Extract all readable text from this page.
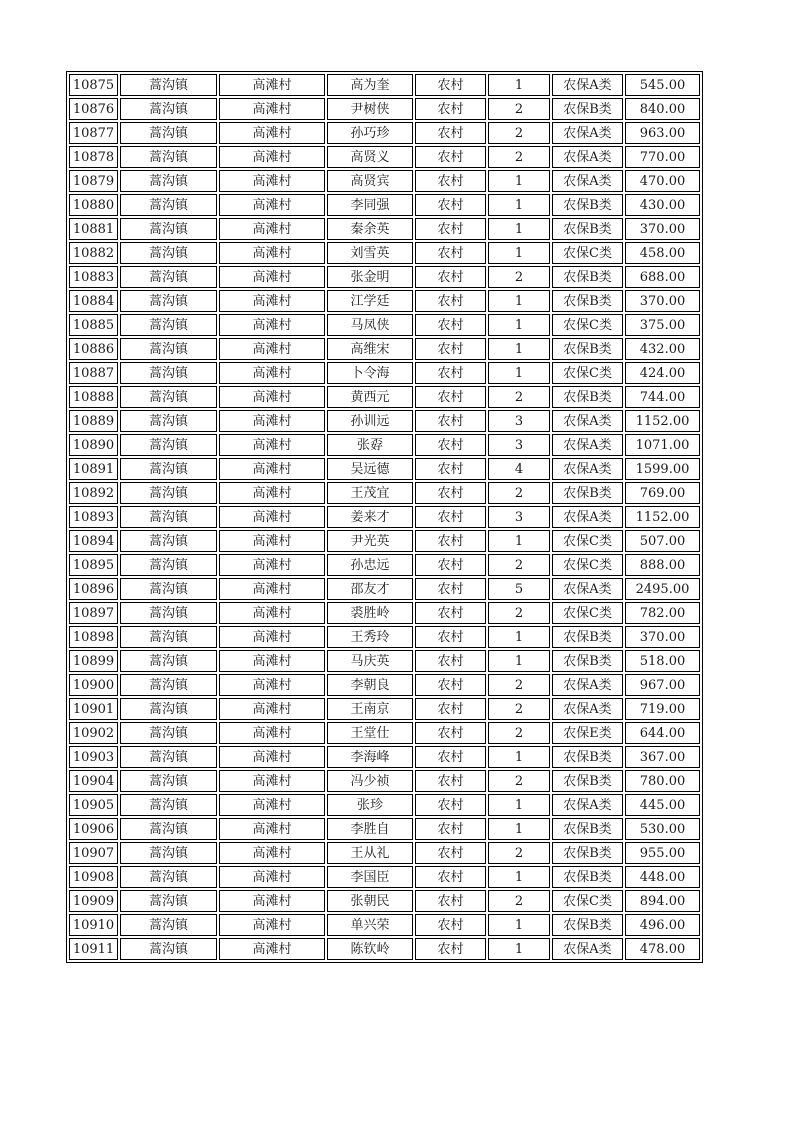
10875	蒿沟镇	高滩村	高为奎	农村	1	农保A类	545.00
10876	蒿沟镇	高滩村	尹树侠	农村	2	农保B类	840.00
10877	蒿沟镇	高滩村	孙巧珍	农村	2	农保A类	963.00
10878	蒿沟镇	高滩村	高贤义	农村	2	农保A类	770.00
10879	蒿沟镇	高滩村	高贤宾	农村	1	农保A类	470.00
10880	蒿沟镇	高滩村	李同强	农村	1	农保B类	430.00
10881	蒿沟镇	高滩村	秦余英	农村	1	农保B类	370.00
10882	蒿沟镇	高滩村	刘雪英	农村	1	农保C类	458.00
10883	蒿沟镇	高滩村	张金明	农村	2	农保B类	688.00
10884	蒿沟镇	高滩村	江学廷	农村	1	农保B类	370.00
10885	蒿沟镇	高滩村	马凤侠	农村	1	农保C类	375.00
10886	蒿沟镇	高滩村	高维宋	农村	1	农保B类	432.00
10887	蒿沟镇	高滩村	卜令海	农村	1	农保C类	424.00
10888	蒿沟镇	高滩村	黄西元	农村	2	农保B类	744.00
10889	蒿沟镇	高滩村	孙训远	农村	3	农保A类	1152.00
10890	蒿沟镇	高滩村	张孬	农村	3	农保A类	1071.00
10891	蒿沟镇	高滩村	吴远德	农村	4	农保A类	1599.00
10892	蒿沟镇	高滩村	王茂宜	农村	2	农保B类	769.00
10893	蒿沟镇	高滩村	姜来才	农村	3	农保A类	1152.00
10894	蒿沟镇	高滩村	尹光英	农村	1	农保C类	507.00
10895	蒿沟镇	高滩村	孙忠远	农村	2	农保C类	888.00
10896	蒿沟镇	高滩村	邵友才	农村	5	农保A类	2495.00
10897	蒿沟镇	高滩村	裘胜岭	农村	2	农保C类	782.00
10898	蒿沟镇	高滩村	王秀玲	农村	1	农保B类	370.00
10899	蒿沟镇	高滩村	马庆英	农村	1	农保B类	518.00
10900	蒿沟镇	高滩村	李朝良	农村	2	农保A类	967.00
10901	蒿沟镇	高滩村	王南京	农村	2	农保A类	719.00
10902	蒿沟镇	高滩村	王堂仕	农村	2	农保E类	644.00
10903	蒿沟镇	高滩村	李海峰	农村	1	农保B类	367.00
10904	蒿沟镇	高滩村	冯少祯	农村	2	农保B类	780.00
10905	蒿沟镇	高滩村	张珍	农村	1	农保A类	445.00
10906	蒿沟镇	高滩村	李胜自	农村	1	农保B类	530.00
10907	蒿沟镇	高滩村	王从礼	农村	2	农保B类	955.00
10908	蒿沟镇	高滩村	李国臣	农村	1	农保B类	448.00
10909	蒿沟镇	高滩村	张朝民	农村	2	农保C类	894.00
10910	蒿沟镇	高滩村	单兴荣	农村	1	农保B类	496.00
10911	蒿沟镇	高滩村	陈钦岭	农村	1	农保A类	478.00
